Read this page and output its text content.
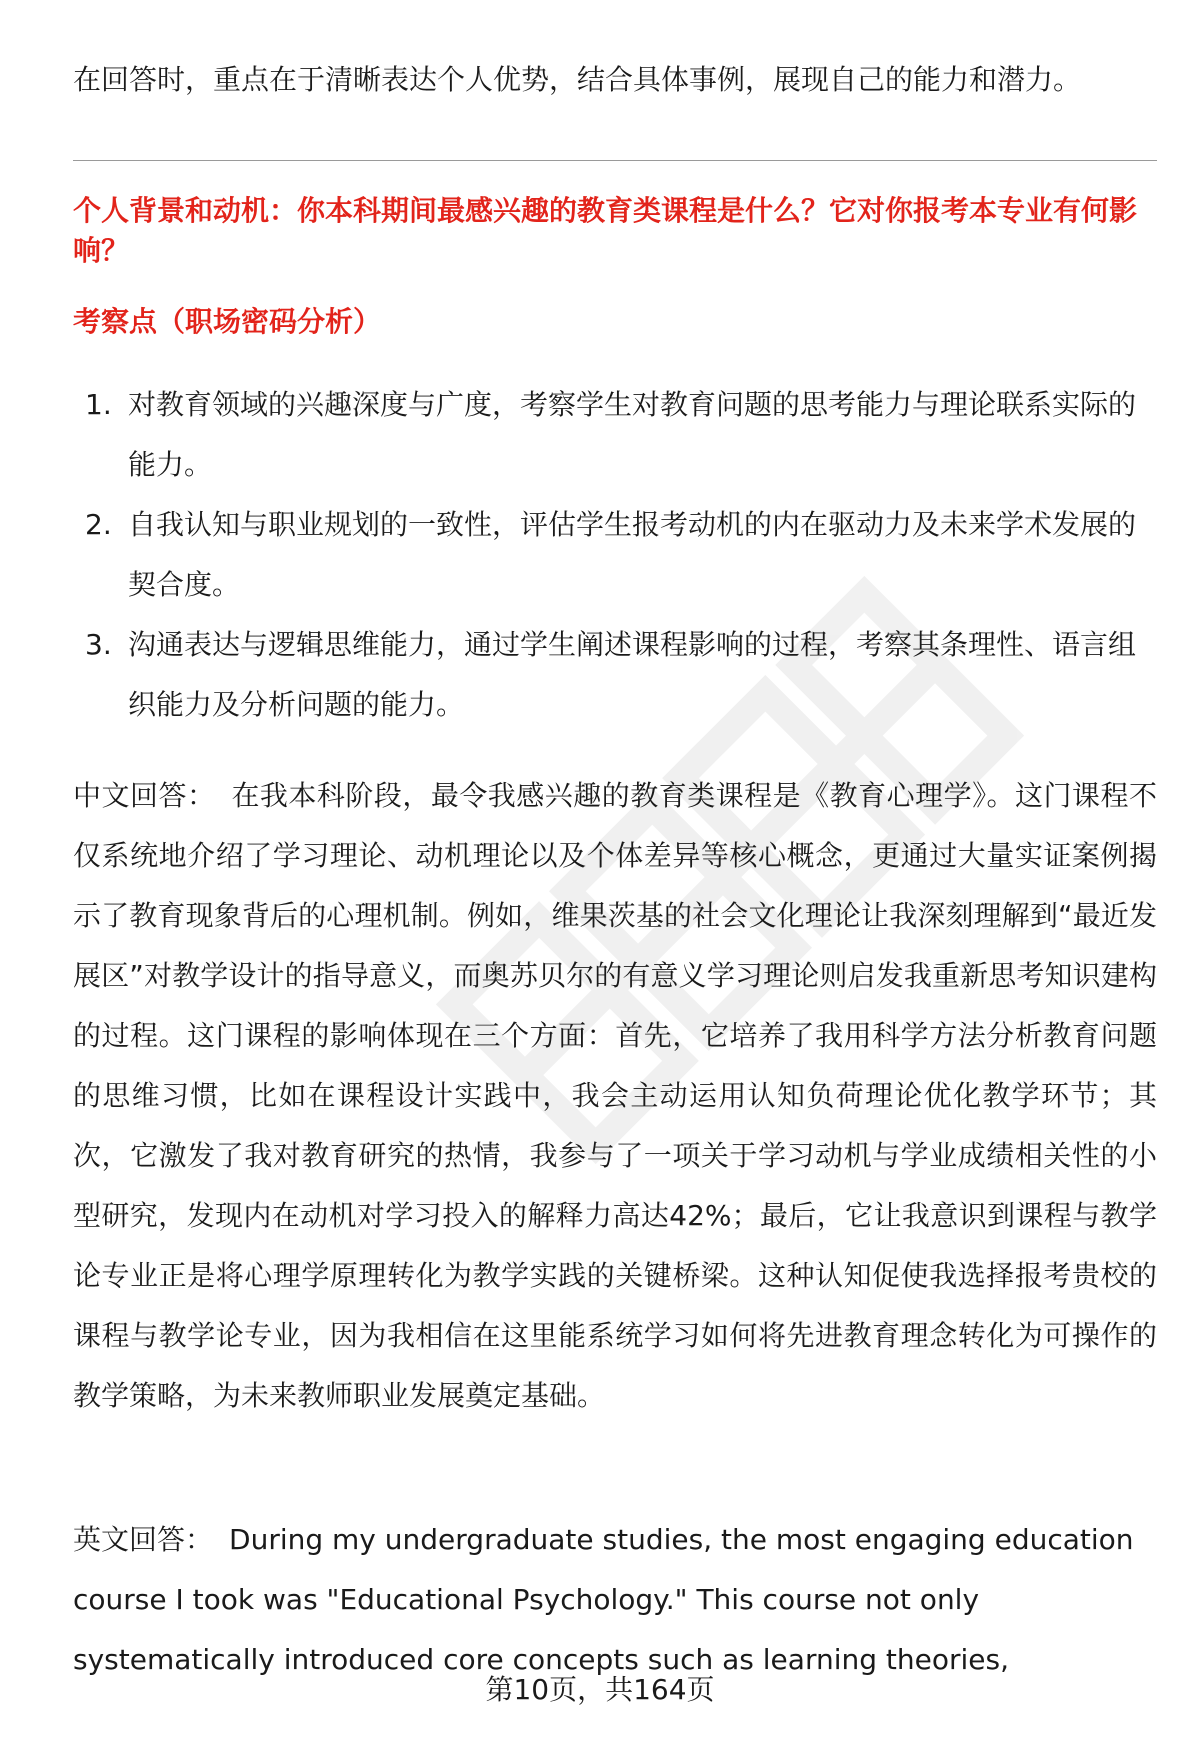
在回答时，重点在于清晰表达个人优势，结合具体事例，展现自己的能力和潜力。
个人背景和动机：你本科期间最感兴趣的教育类课程是什么？它对你报考本专业有何影响？
考察点（职场密码分析）
1. 对教育领域的兴趣深度与广度，考察学生对教育问题的思考能力与理论联系实际的能力。
2. 自我认知与职业规划的一致性，评估学生报考动机的内在驱动力及未来学术发展的契合度。
3. 沟通表达与逻辑思维能力，通过学生阐述课程影响的过程，考察其条理性、语言组织能力及分析问题的能力。
中文回答： 在我本科阶段，最令我感兴趣的教育类课程是《教育心理学》。这门课程不仅系统地介绍了学习理论、动机理论以及个体差异等核心概念，更通过大量实证案例揭示了教育现象背后的心理机制。例如，维果茨基的社会文化理论让我深刻理解到“最近发展区”对教学设计的指导意义，而奥苏贝尔的有意义学习理论则启发我重新思考知识建构的过程。这门课程的影响体现在三个方面：首先，它培养了我用科学方法分析教育问题的思维习惯，比如在课程设计实践中，我会主动运用认知负荷理论优化教学环节；其次，它激发了我对教育研究的热情，我参与了一项关于学习动机与学业成绩相关性的小型研究，发现内在动机对学习投入的解释力高达42%；最后，它让我意识到课程与教学论专业正是将心理学原理转化为教学实践的关键桥梁。这种认知促使我选择报考贵校的课程与教学论专业，因为我相信在这里能系统学习如何将先进教育理念转化为可操作的教学策略，为未来教师职业发展奠定基础。
英文回答： During my undergraduate studies, the most engaging education course I took was "Educational Psychology." This course not only systematically introduced core concepts such as learning theories,
第10页，共164页
